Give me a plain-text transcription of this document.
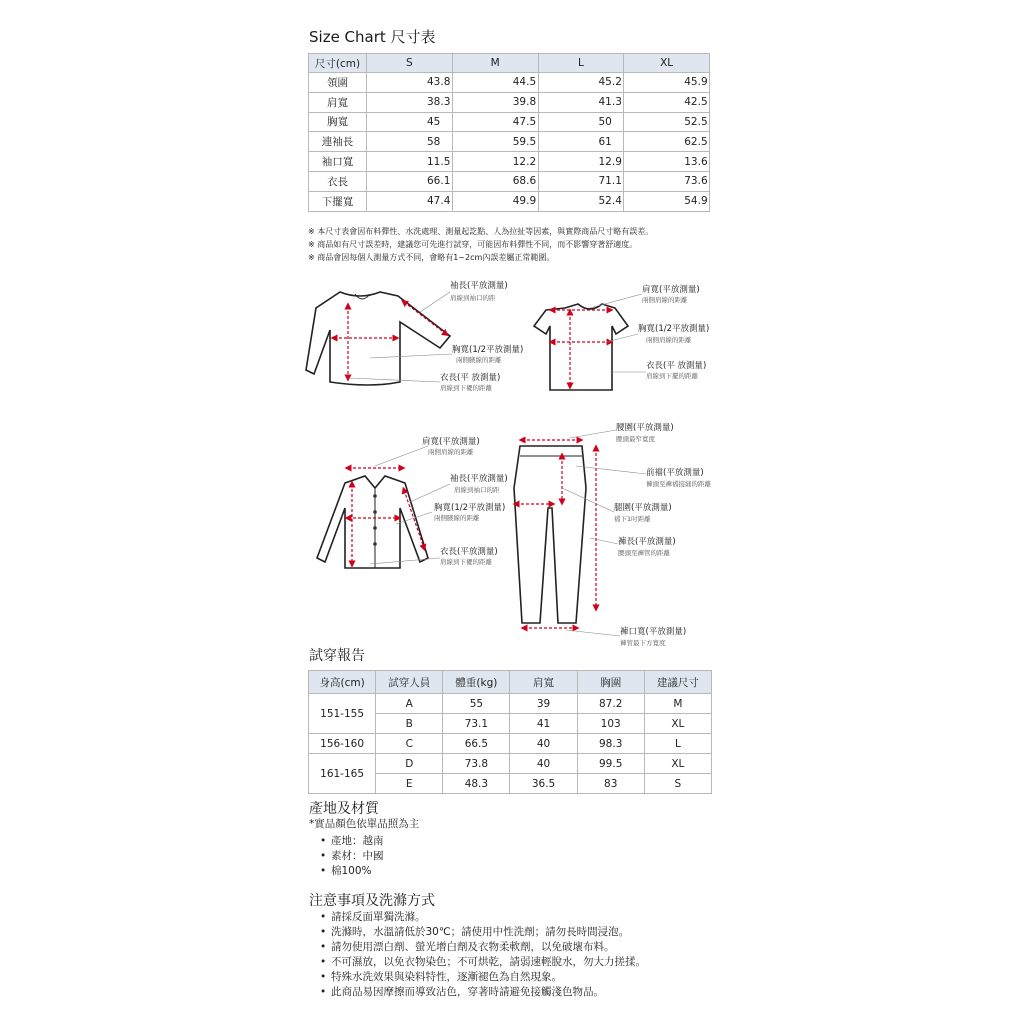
Size Chart 尺寸表
尺寸(cm)	S	M	L	XL
領圍	43.8	44.5	45.2	45.9
肩寬	38.3	39.8	41.3	42.5
胸寬	45	47.5	50	52.5
連袖長	58	59.5	61	62.5
袖口寬	11.5	12.2	12.9	13.6
衣長	66.1	68.6	71.1	73.6
下擺寬	47.4	49.9	52.4	54.9
※ 本尺寸表會因布料彈性、水洗處理、測量起訖點、人為拉扯等因素，與實際商品尺寸略有誤差。
※ 商品如有尺寸誤差時，建議您可先進行試穿，可能因布料彈性不同，而不影響穿著舒適度。
※ 商品會因每個人測量方式不同，會略有1~2cm內誤差屬正常範圍。
袖長(平放測量)
肩線到袖口的距
胸寬(1/2平放測量)
兩側腋線的距離
衣長(平 放測量)
肩線到下襬的距離
肩寬(平放測量)
兩側肩線的距離
胸寬(1/2平放測量)
兩側肩線的距離
衣長(平 放測量)
肩線到下擺的距離
肩寬(平放測量)
兩側肩線的距離
袖長(平放測量)
肩線到袖口的距
胸寬(1/2平放測量)
兩側腋線的距離
衣長(平放測量)
肩線到下襬的距離
腰圍(平放測量)
腰頭最窄寬度
前襠(平放測量)
褲頭至褲襠接縫的距離
腿圍(平放測量)
襠下1吋距離
褲長(平放測量)
腰頭至褲管的距離
褲口寬(平放測量)
褲管最下方寬度
試穿報告
身高(cm)	試穿人員	體重(kg)	肩寬	胸圍	建議尺寸
151-155	A	55	39	87.2	M
	B	73.1	41	103	XL
156-160	C	66.5	40	98.3	L
161-165	D	73.8	40	99.5	XL
	E	48.3	36.5	83	S
產地及材質
*實品顏色依單品照為主
• 產地：越南
• 素材：中國
• 棉100%
注意事項及洗滌方式
• 請採反面單獨洗滌。
• 洗滌時，水溫請低於30℃；請使用中性洗劑；請勿長時間浸泡。
• 請勿使用漂白劑、螢光增白劑及衣物柔軟劑，以免破壞布料。
• 不可濕放，以免衣物染色；不可烘乾，請弱速輕脫水，勿大力搓揉。
• 特殊水洗效果與染料特性，逐漸褪色為自然現象。
• 此商品易因摩擦而導致沾色，穿著時請避免接觸淺色物品。
